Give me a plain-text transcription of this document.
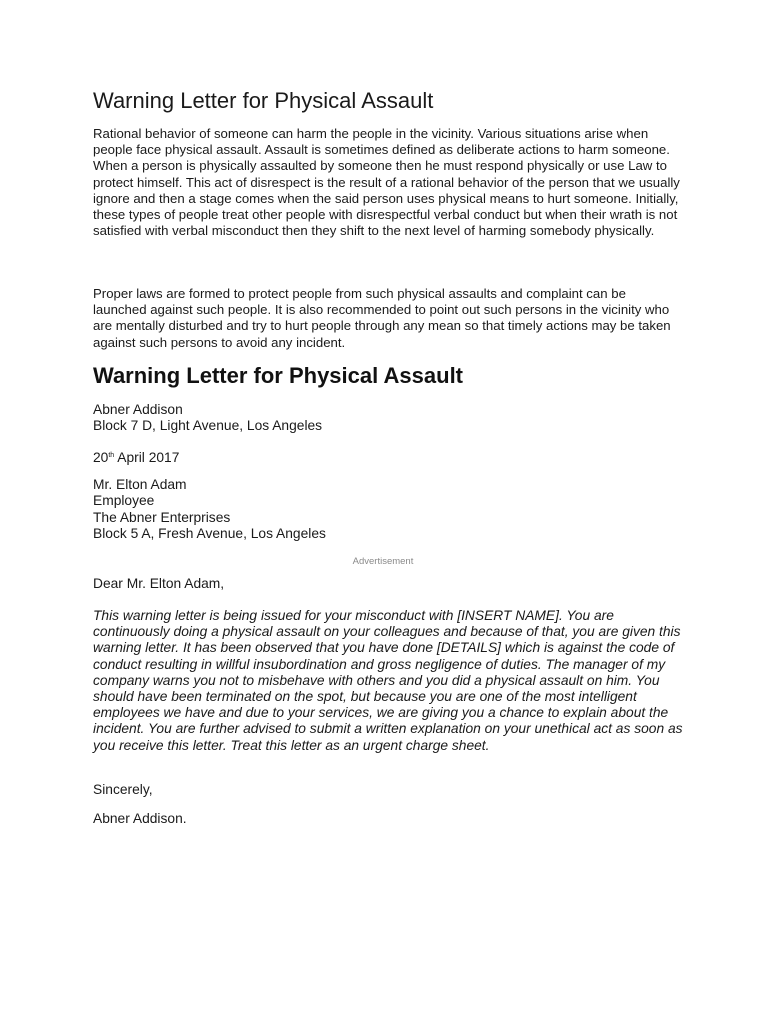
Warning Letter for Physical Assault

Rational behavior of someone can harm the people in the vicinity. Various situations arise when people face physical assault. Assault is sometimes defined as deliberate actions to harm someone. When a person is physically assaulted by someone then he must respond physically or use Law to protect himself. This act of disrespect is the result of a rational behavior of the person that we usually ignore and then a stage comes when the said person uses physical means to hurt someone. Initially, these types of people treat other people with disrespectful verbal conduct but when their wrath is not satisfied with verbal misconduct then they shift to the next level of harming somebody physically.

Proper laws are formed to protect people from such physical assaults and complaint can be launched against such people. It is also recommended to point out such persons in the vicinity who are mentally disturbed and try to hurt people through any mean so that timely actions may be taken against such persons to avoid any incident.

Warning Letter for Physical Assault
Abner Addison
Block 7 D, Light Avenue, Los Angeles
20th April 2017
Mr. Elton Adam
Employee
The Abner Enterprises
Block 5 A, Fresh Avenue, Los Angeles
Advertisement
Dear Mr. Elton Adam,

This warning letter is being issued for your misconduct with [INSERT NAME]. You are continuously doing a physical assault on your colleagues and because of that, you are given this warning letter. It has been observed that you have done [DETAILS] which is against the code of conduct resulting in willful insubordination and gross negligence of duties. The manager of my company warns you not to misbehave with others and you did a physical assault on him. You should have been terminated on the spot, but because you are one of the most intelligent employees we have and due to your services, we are giving you a chance to explain about the incident. You are further advised to submit a written explanation on your unethical act as soon as you receive this letter. Treat this letter as an urgent charge sheet.

Sincerely,
Abner Addison.
